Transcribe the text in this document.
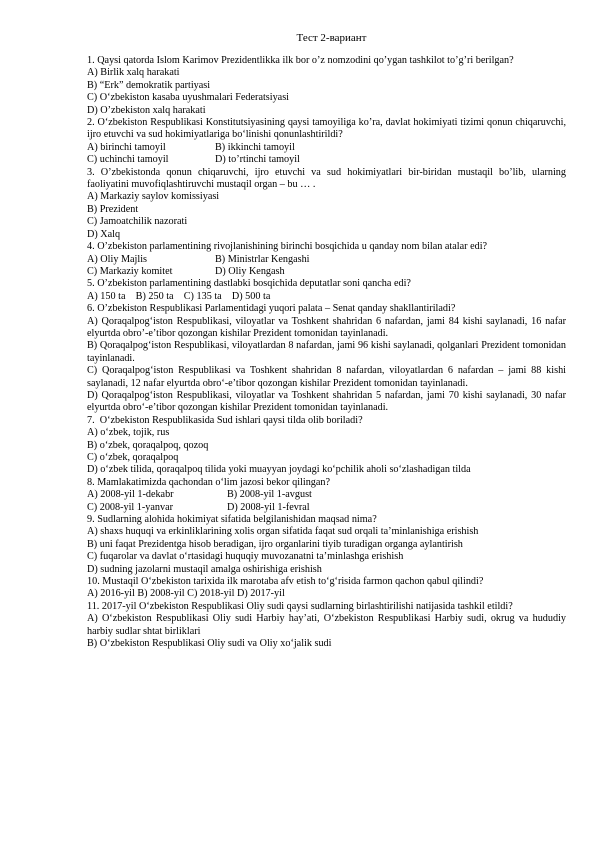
Тест 2-вариант
1. Qaysi qatorda Islom Karimov Prezidentlikka ilk bor o’z nomzodini qo’ygan tashkilot to’g’ri berilgan?
A) Birlik xalq harakati
B) “Erk” demokratik partiyasi
C) O‘zbekiston kasaba uyushmalari Federatsiyasi
D) O’zbekiston xalq harakati
2. O‘zbekiston Respublikasi Konstitutsiyasining qaysi tamoyiliga ko’ra, davlat hokimiyati tizimi qonun chiqaruvchi, ijro etuvchi va sud hokimiyatlariga bo‘linishi qonunlashtirildi?
A) birinchi tamoyil	B) ikkinchi tamoyil
C) uchinchi tamoyil	D) to’rtinchi tamoyil
3. O’zbekistonda qonun chiqaruvchi, ijro etuvchi va sud hokimiyatlari bir-biridan mustaqil bo’lib, ularning faoliyatini muvofiqlashtiruvchi mustaqil organ – bu … .
A) Markaziy saylov komissiyasi
B) Prezident
C) Jamoatchilik nazorati
D) Xalq
4. O’zbekiston parlamentining rivojlanishining birinchi bosqichida u qanday nom bilan atalar edi?
A) Oliy Majlis	B) Ministrlar Kengashi
C) Markaziy komitet	D) Oliy Kengash
5. O’zbekiston parlamentining dastlabki bosqichida deputatlar soni qancha edi?
A) 150 ta    B) 250 ta    C) 135 ta    D) 500 ta
6. O’zbekiston Respublikasi Parlamentidagi yuqori palata – Senat qanday shakllantiriladi?
A) Qoraqalpog‘iston Respublikasi, viloyatlar va Toshkent shahridan 6 nafardan, jami 84 kishi saylanadi, 16 nafar elyurtda obro’-e’tibor qozongan kishilar Prezident tomonidan tayinlanadi.
B) Qoraqalpog‘iston Respublikasi, viloyatlardan 8 nafardan, jami 96 kishi saylanadi, qolganlari Prezident tomonidan tayinlanadi.
C) Qoraqalpog‘iston Respublikasi va Toshkent shahridan 8 nafardan, viloyatlardan 6 nafardan – jami 88 kishi saylanadi, 12 nafar elyurtda obro‘-e’tibor qozongan kishilar Prezident tomonidan tayinlanadi.
D) Qoraqalpog‘iston Respublikasi, viloyatlar va Toshkent shahridan 5 nafardan, jami 70 kishi saylanadi, 30 nafar elyurtda obro‘-e’tibor qozongan kishilar Prezident tomonidan tayinlanadi.
7.  O‘zbekiston Respublikasida Sud ishlari qaysi tilda olib boriladi?
A) o‘zbek, tojik, rus
B) o‘zbek, qoraqalpoq, qozoq
C) o‘zbek, qoraqalpoq
D) o‘zbek tilida, qoraqalpoq tilida yoki muayyan joydagi ko‘pchilik aholi so‘zlashadigan tilda
8. Mamlakatimizda qachondan o‘lim jazosi bekor qilingan?
A) 2008-yil 1-dekabr	B) 2008-yil 1-avgust
C) 2008-yil 1-yanvar	D) 2008-yil 1-fevral
9. Sudlarning alohida hokimiyat sifatida belgilanishidan maqsad nima?
A) shaxs huquqi va erkinliklarining xolis organ sifatida faqat sud orqali ta’minlanishiga erishish
B) uni faqat Prezidentga hisob beradigan, ijro organlarini tiyib turadigan organga aylantirish
C) fuqarolar va davlat o‘rtasidagi huquqiy muvozanatni ta’minlashga erishish
D) sudning jazolarni mustaqil amalga oshirishiga erishish
10. Mustaqil O‘zbekiston tarixida ilk marotaba afv etish to‘g‘risida farmon qachon qabul qilindi?
A) 2016-yil B) 2008-yil C) 2018-yil D) 2017-yil
11. 2017-yil O‘zbekiston Respublikasi Oliy sudi qaysi sudlarning birlashtirilishi natijasida tashkil etildi?
A) O‘zbekiston Respublikasi Oliy sudi Harbiy hay’ati, O‘zbekiston Respublikasi Harbiy sudi, okrug va hududiy harbiy sudlar shtat birliklari
B) O‘zbekiston Respublikasi Oliy sudi va Oliy xo‘jalik sudi
